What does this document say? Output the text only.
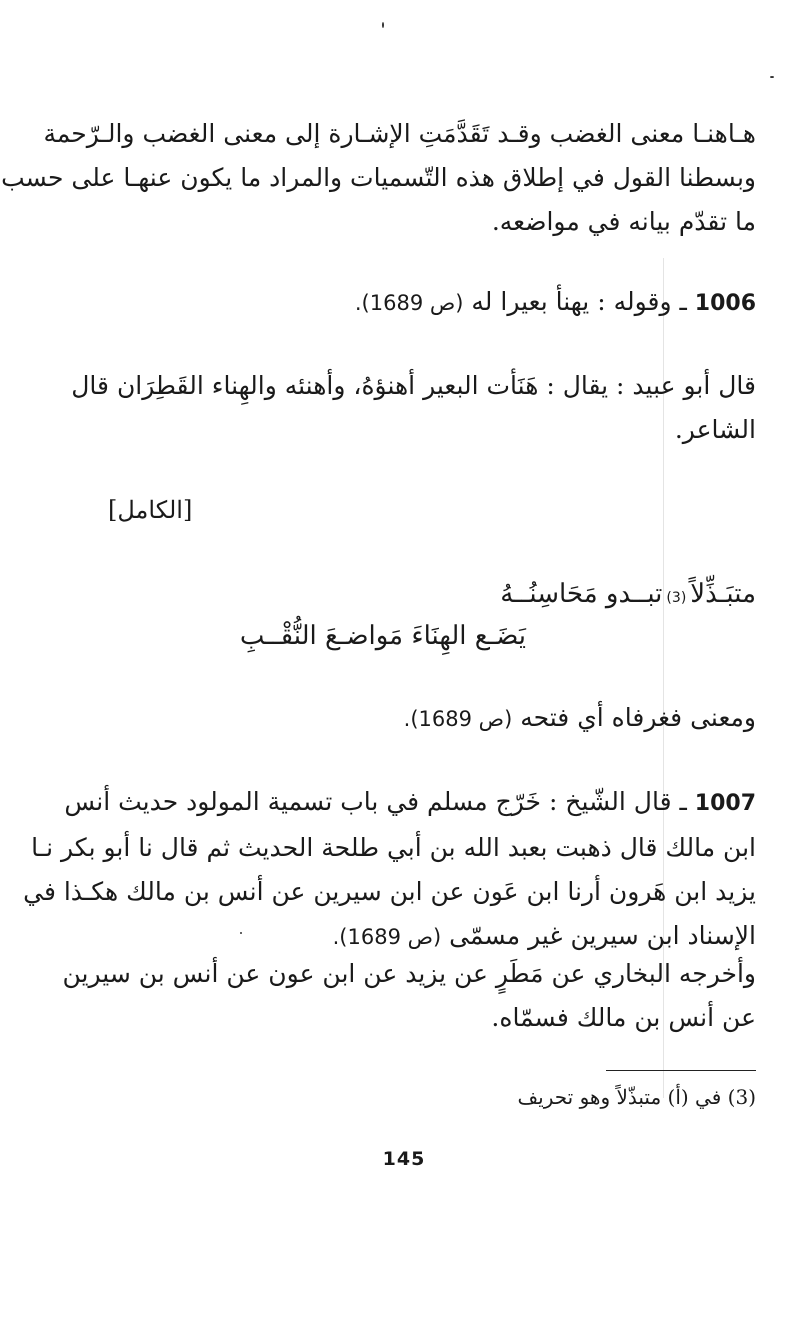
هـاهنـا معنى الغضب وقـد تَقَدَّمَتِ الإشـارة إلى معنى الغضب والـرّحمة
وبسطنا القول في إطلاق هذه التّسميات والمراد ما يكون عنهـا على حسب
ما تقدّم بيانه في مواضعه.
1006 ـ وقوله : يهنأ بعيرا له (ص 1689).
قال أبو عبيد : يقال : هَنَأت البعير أهنؤهُ، وأهنئه والهِناء القَطِرَان قال
الشاعر.
[الكامل]
متبَـذِّلاً(3)تبــدو مَحَاسِنُــهُ
يَضَـع الهِنَاءَ مَواضـعَ النُّقْــبِ
ومعنى فغرفاه أي فتحه (ص 1689).
1007 ـ قال الشّيخ : خَرّج مسلم في باب تسمية المولود حديث أنس
ابن مالك قال ذهبت بعبد الله بن أبي طلحة الحديث ثم قال نا أبو بكر نـا
يزيد ابن هَرون أرنا ابن عَون عن ابن سيرين عن أنس بن مالك هكـذا في
الإسناد ابن سيرين غير مسمّى (ص 1689).
وأخرجه البخاري عن مَطَرٍ عن يزيد عن ابن عون عن أنس بن سيرين
عن أنس بن مالك فسمّاه.
(3) في (أ) متبذّلاً وهو تحريف
145
